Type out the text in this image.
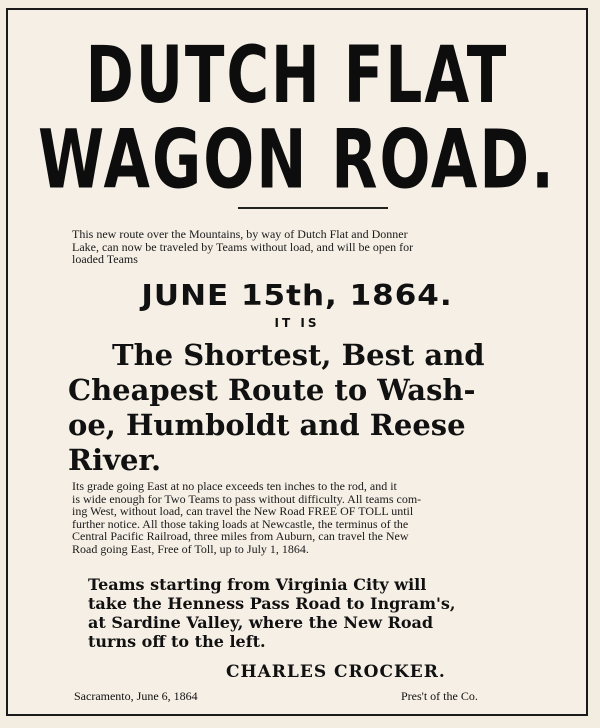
DUTCH FLAT
WAGON ROAD.
This new route over the Mountains, by way of Dutch Flat and Donner
Lake, can now be traveled by Teams without load, and will be open for
loaded Teams
JUNE 15th, 1864.
IT IS
The Shortest, Best and
Cheapest Route to Wash-
oe, Humboldt and Reese
River.
Its grade going East at no place exceeds ten inches to the rod, and it
is wide enough for Two Teams to pass without difficulty. All teams com-
ing West, without load, can travel the New Road FREE OF TOLL until
further notice. All those taking loads at Newcastle, the terminus of the
Central Pacific Railroad, three miles from Auburn, can travel the New
Road going East, Free of Toll, up to July 1, 1864.
Teams starting from Virginia City will
take the Henness Pass Road to Ingram's,
at Sardine Valley, where the New Road
turns off to the left.
CHARLES CROCKER.
Sacramento, June 6, 1864	Pres't of the Co.
